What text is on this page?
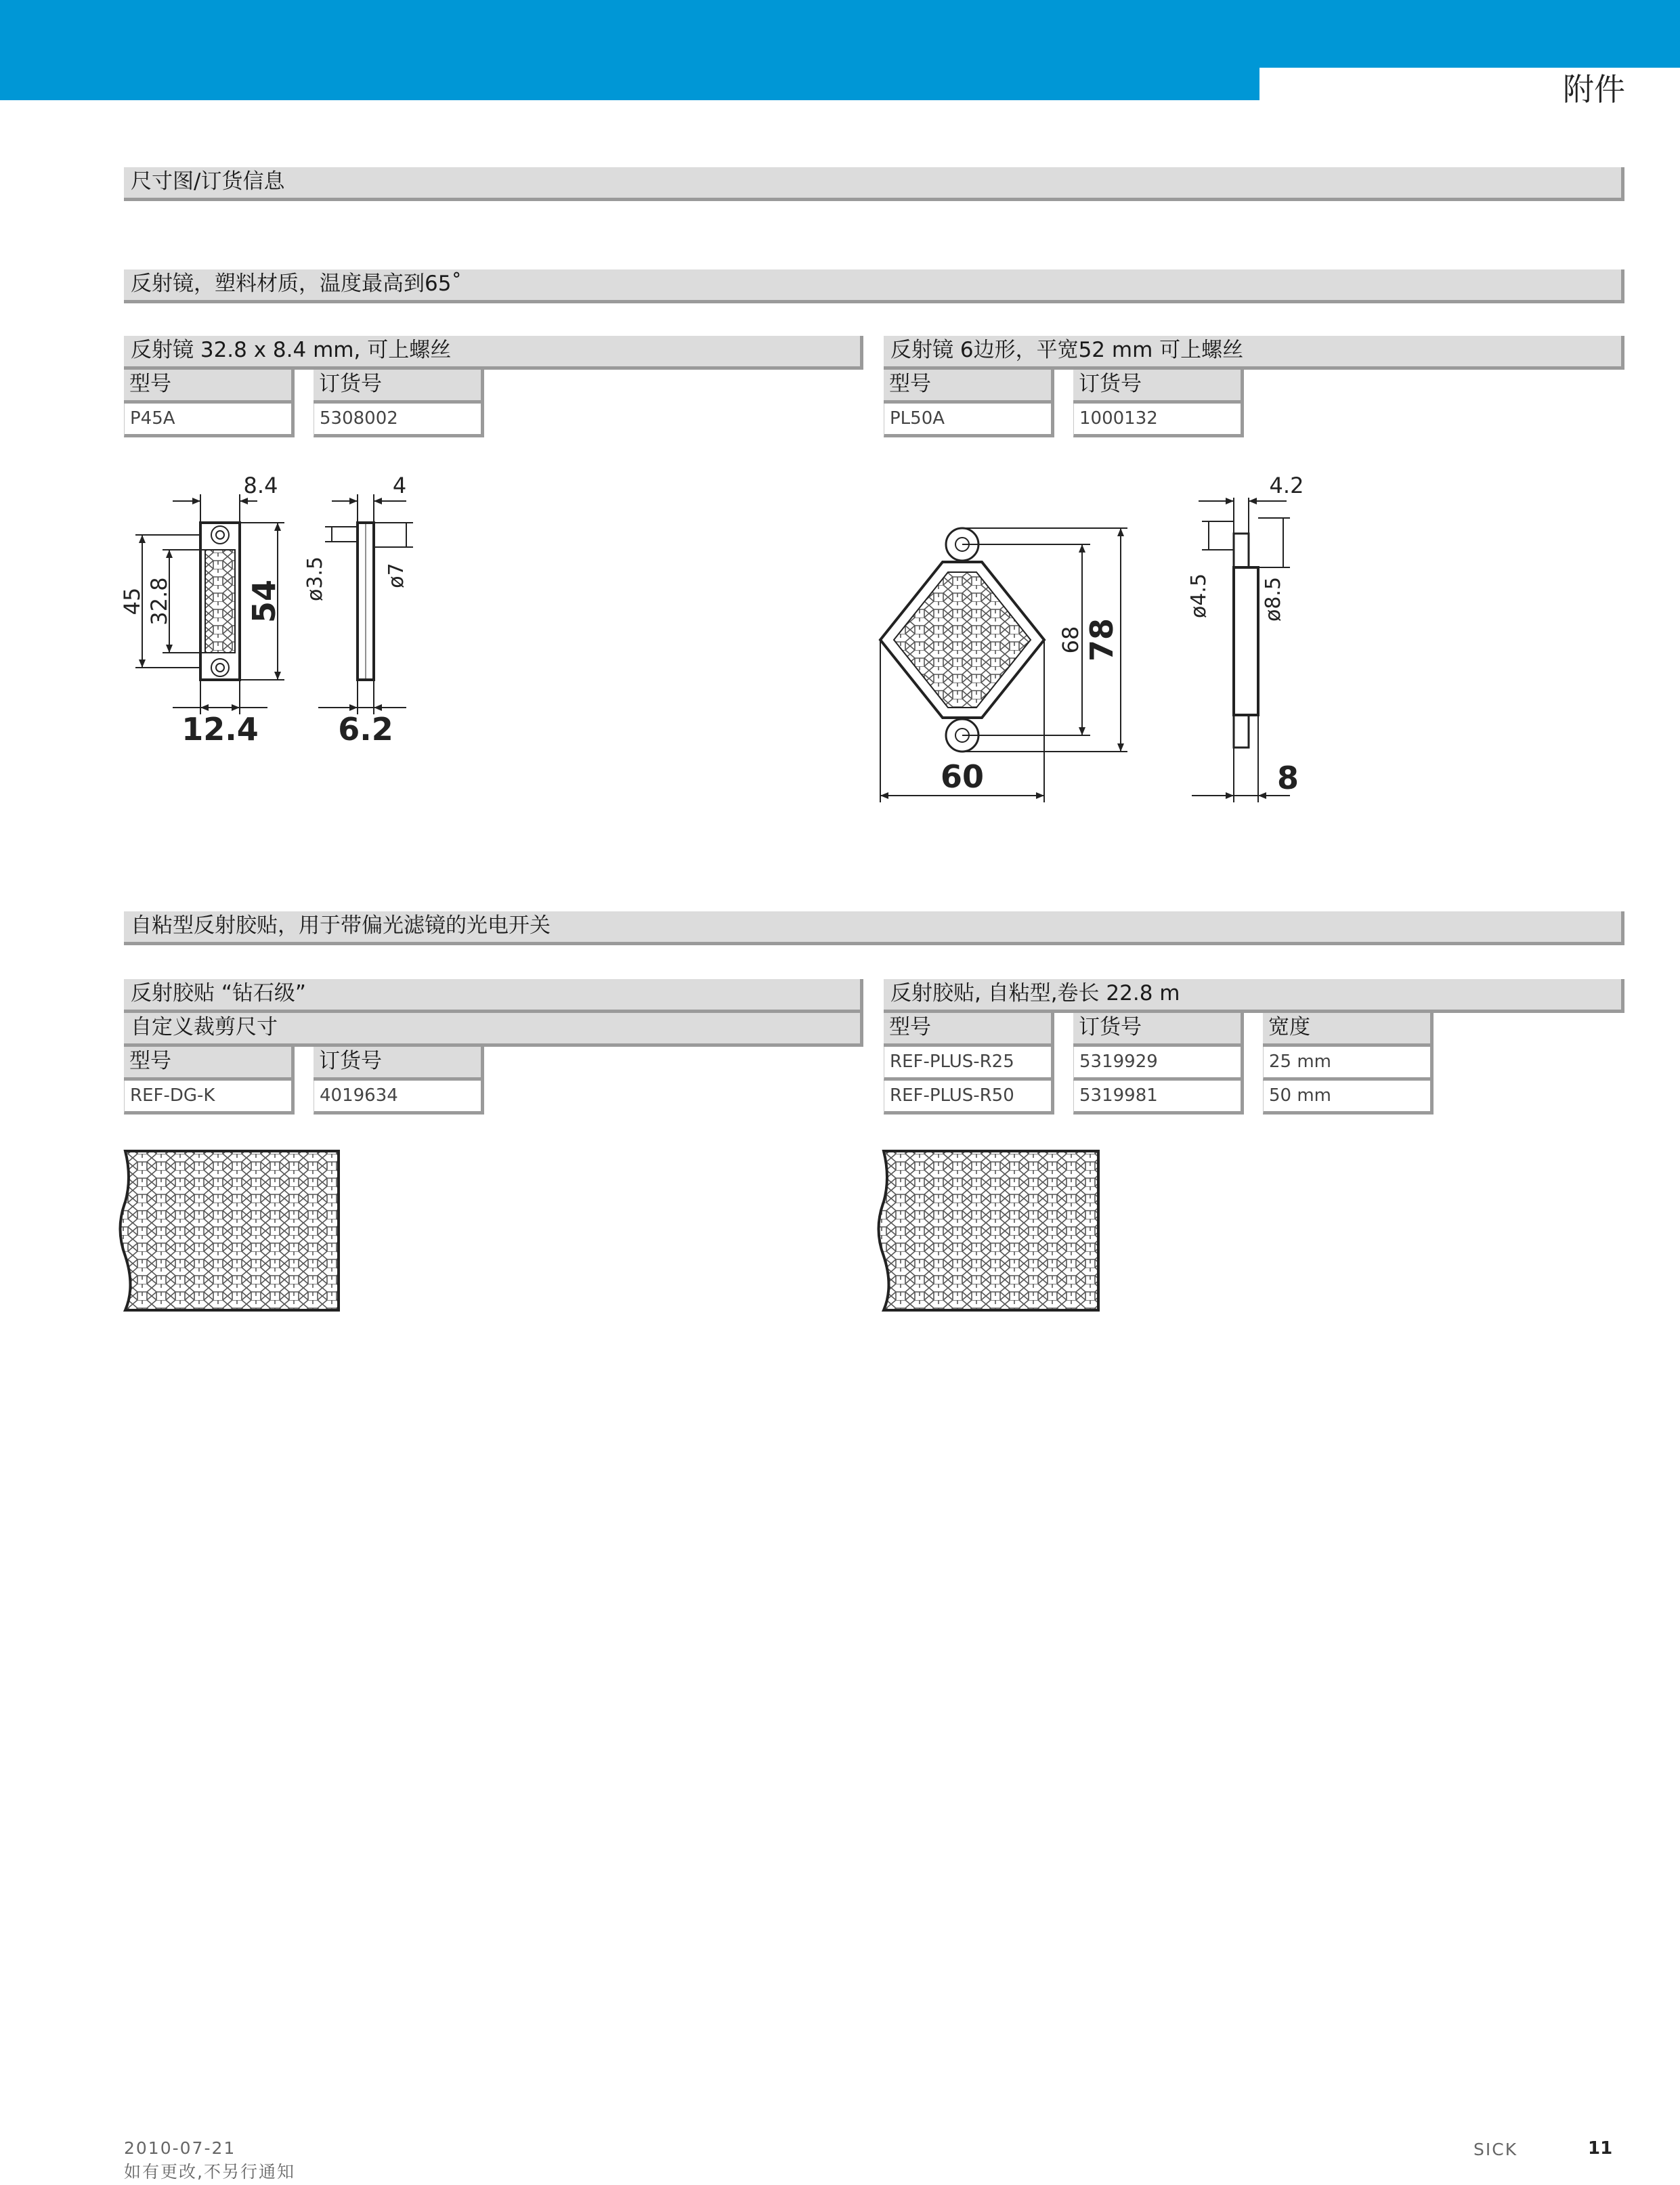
附件
尺寸图/订货信息
反射镜，塑料材质，温度最高到65˚
反射镜 32.8 x 8.4 mm, 可上螺丝
型号	订货号
P45A	5308002
反射镜 6边形，平宽52 mm 可上螺丝
型号	订货号
PL50A	1000132
8.4	4
45 32.8 54 ø3.5	ø7
12.4	6.2
4.2
ø4.5	ø8.5
68 78
60	8
自粘型反射胶贴，用于带偏光滤镜的光电开关
反射胶贴 “钻石级”
自定义裁剪尺寸
型号	订货号
REF-DG-K	4019634
反射胶贴, 自粘型,卷长 22.8 m
型号	订货号	宽度
REF-PLUS-R25	5319929	25 mm
REF-PLUS-R50	5319981	50 mm
2010-07-21
如有更改,不另行通知
SICK	11
